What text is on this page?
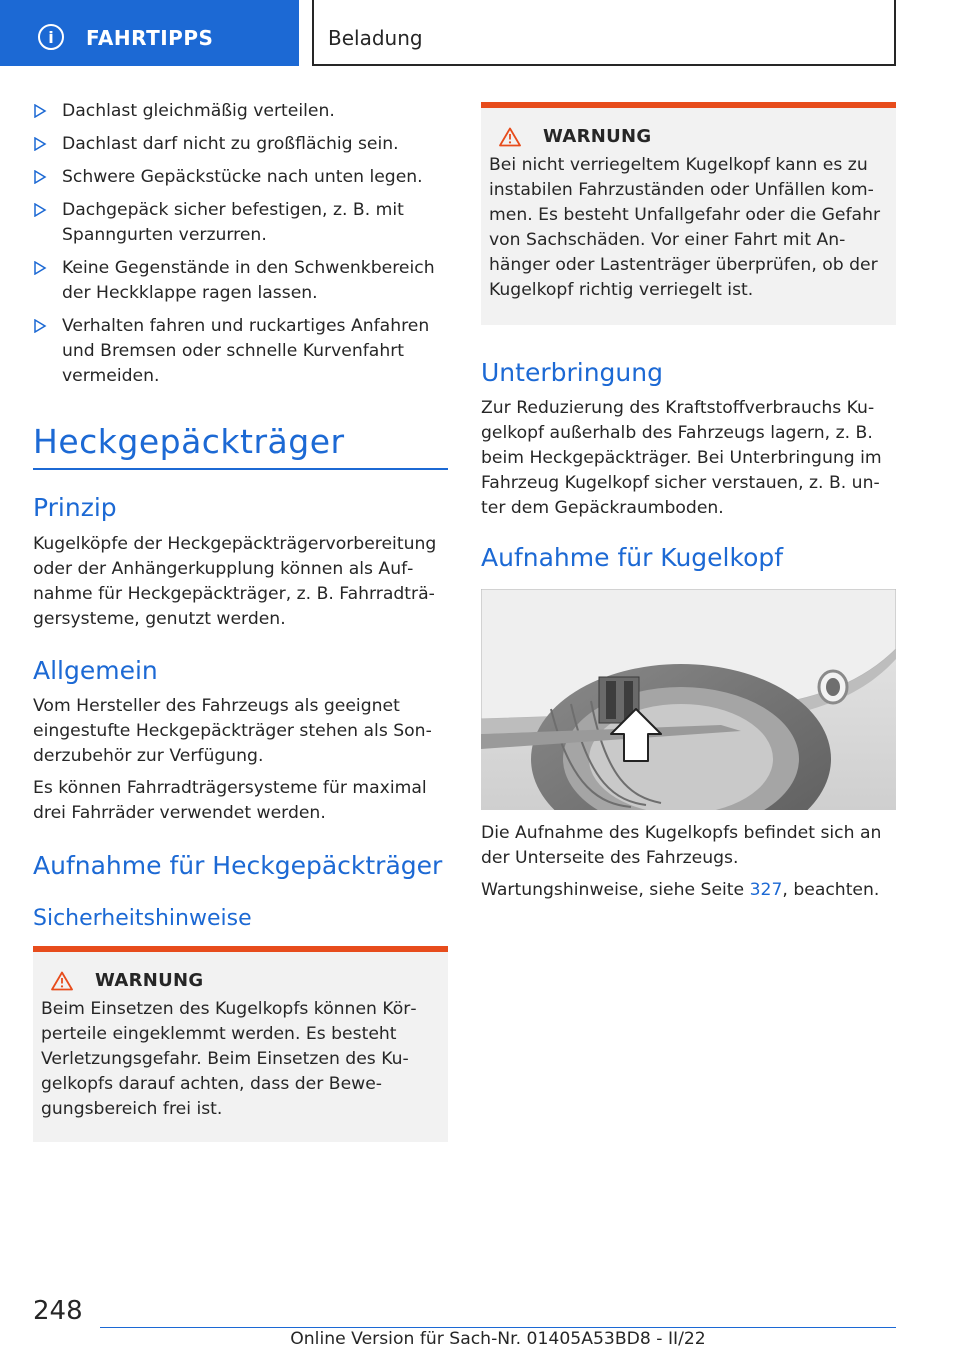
i	FAHRTIPPS	Beladung
Dachlast gleichmäßig verteilen.
Dachlast darf nicht zu großflächig sein.
Schwere Gepäckstücke nach unten legen.
Dachgepäck sicher befestigen, z. B. mit Spanngurten verzurren.
Keine Gegenstände in den Schwenkbereich der Heckklappe ragen lassen.
Verhalten fahren und ruckartiges Anfahren und Bremsen oder schnelle Kurvenfahrt vermeiden.
Heckgepäckträger
Prinzip
Kugelköpfe der Heckgepäckträgervorbereitung oder der Anhängerkupplung können als Aufnahme für Heckgepäckträger, z. B. Fahrradträgersysteme, genutzt werden.
Allgemein
Vom Hersteller des Fahrzeugs als geeignet eingestufte Heckgepäckträger stehen als Sonderzubehör zur Verfügung.
Es können Fahrradträgersysteme für maximal drei Fahrräder verwendet werden.
Aufnahme für Heckgepäckträger
Sicherheitshinweise
WARNUNG
Beim Einsetzen des Kugelkopfs können Körperteile eingeklemmt werden. Es besteht Verletzungsgefahr. Beim Einsetzen des Kugelkopfs darauf achten, dass der Bewegungsbereich frei ist.
WARNUNG
Bei nicht verriegeltem Kugelkopf kann es zu instabilen Fahrzuständen oder Unfällen kommen. Es besteht Unfallgefahr oder die Gefahr von Sachschäden. Vor einer Fahrt mit Anhänger oder Lastenträger überprüfen, ob der Kugelkopf richtig verriegelt ist.
Unterbringung
Zur Reduzierung des Kraftstoffverbrauchs Kugelkopf außerhalb des Fahrzeugs lagern, z. B. beim Heckgepäckträger. Bei Unterbringung im Fahrzeug Kugelkopf sicher verstauen, z. B. unter dem Gepäckraumboden.
Aufnahme für Kugelkopf
Die Aufnahme des Kugelkopfs befindet sich an der Unterseite des Fahrzeugs.
Wartungshinweise, siehe Seite 327, beachten.
248
Online Version für Sach-Nr. 01405A53BD8 - II/22
